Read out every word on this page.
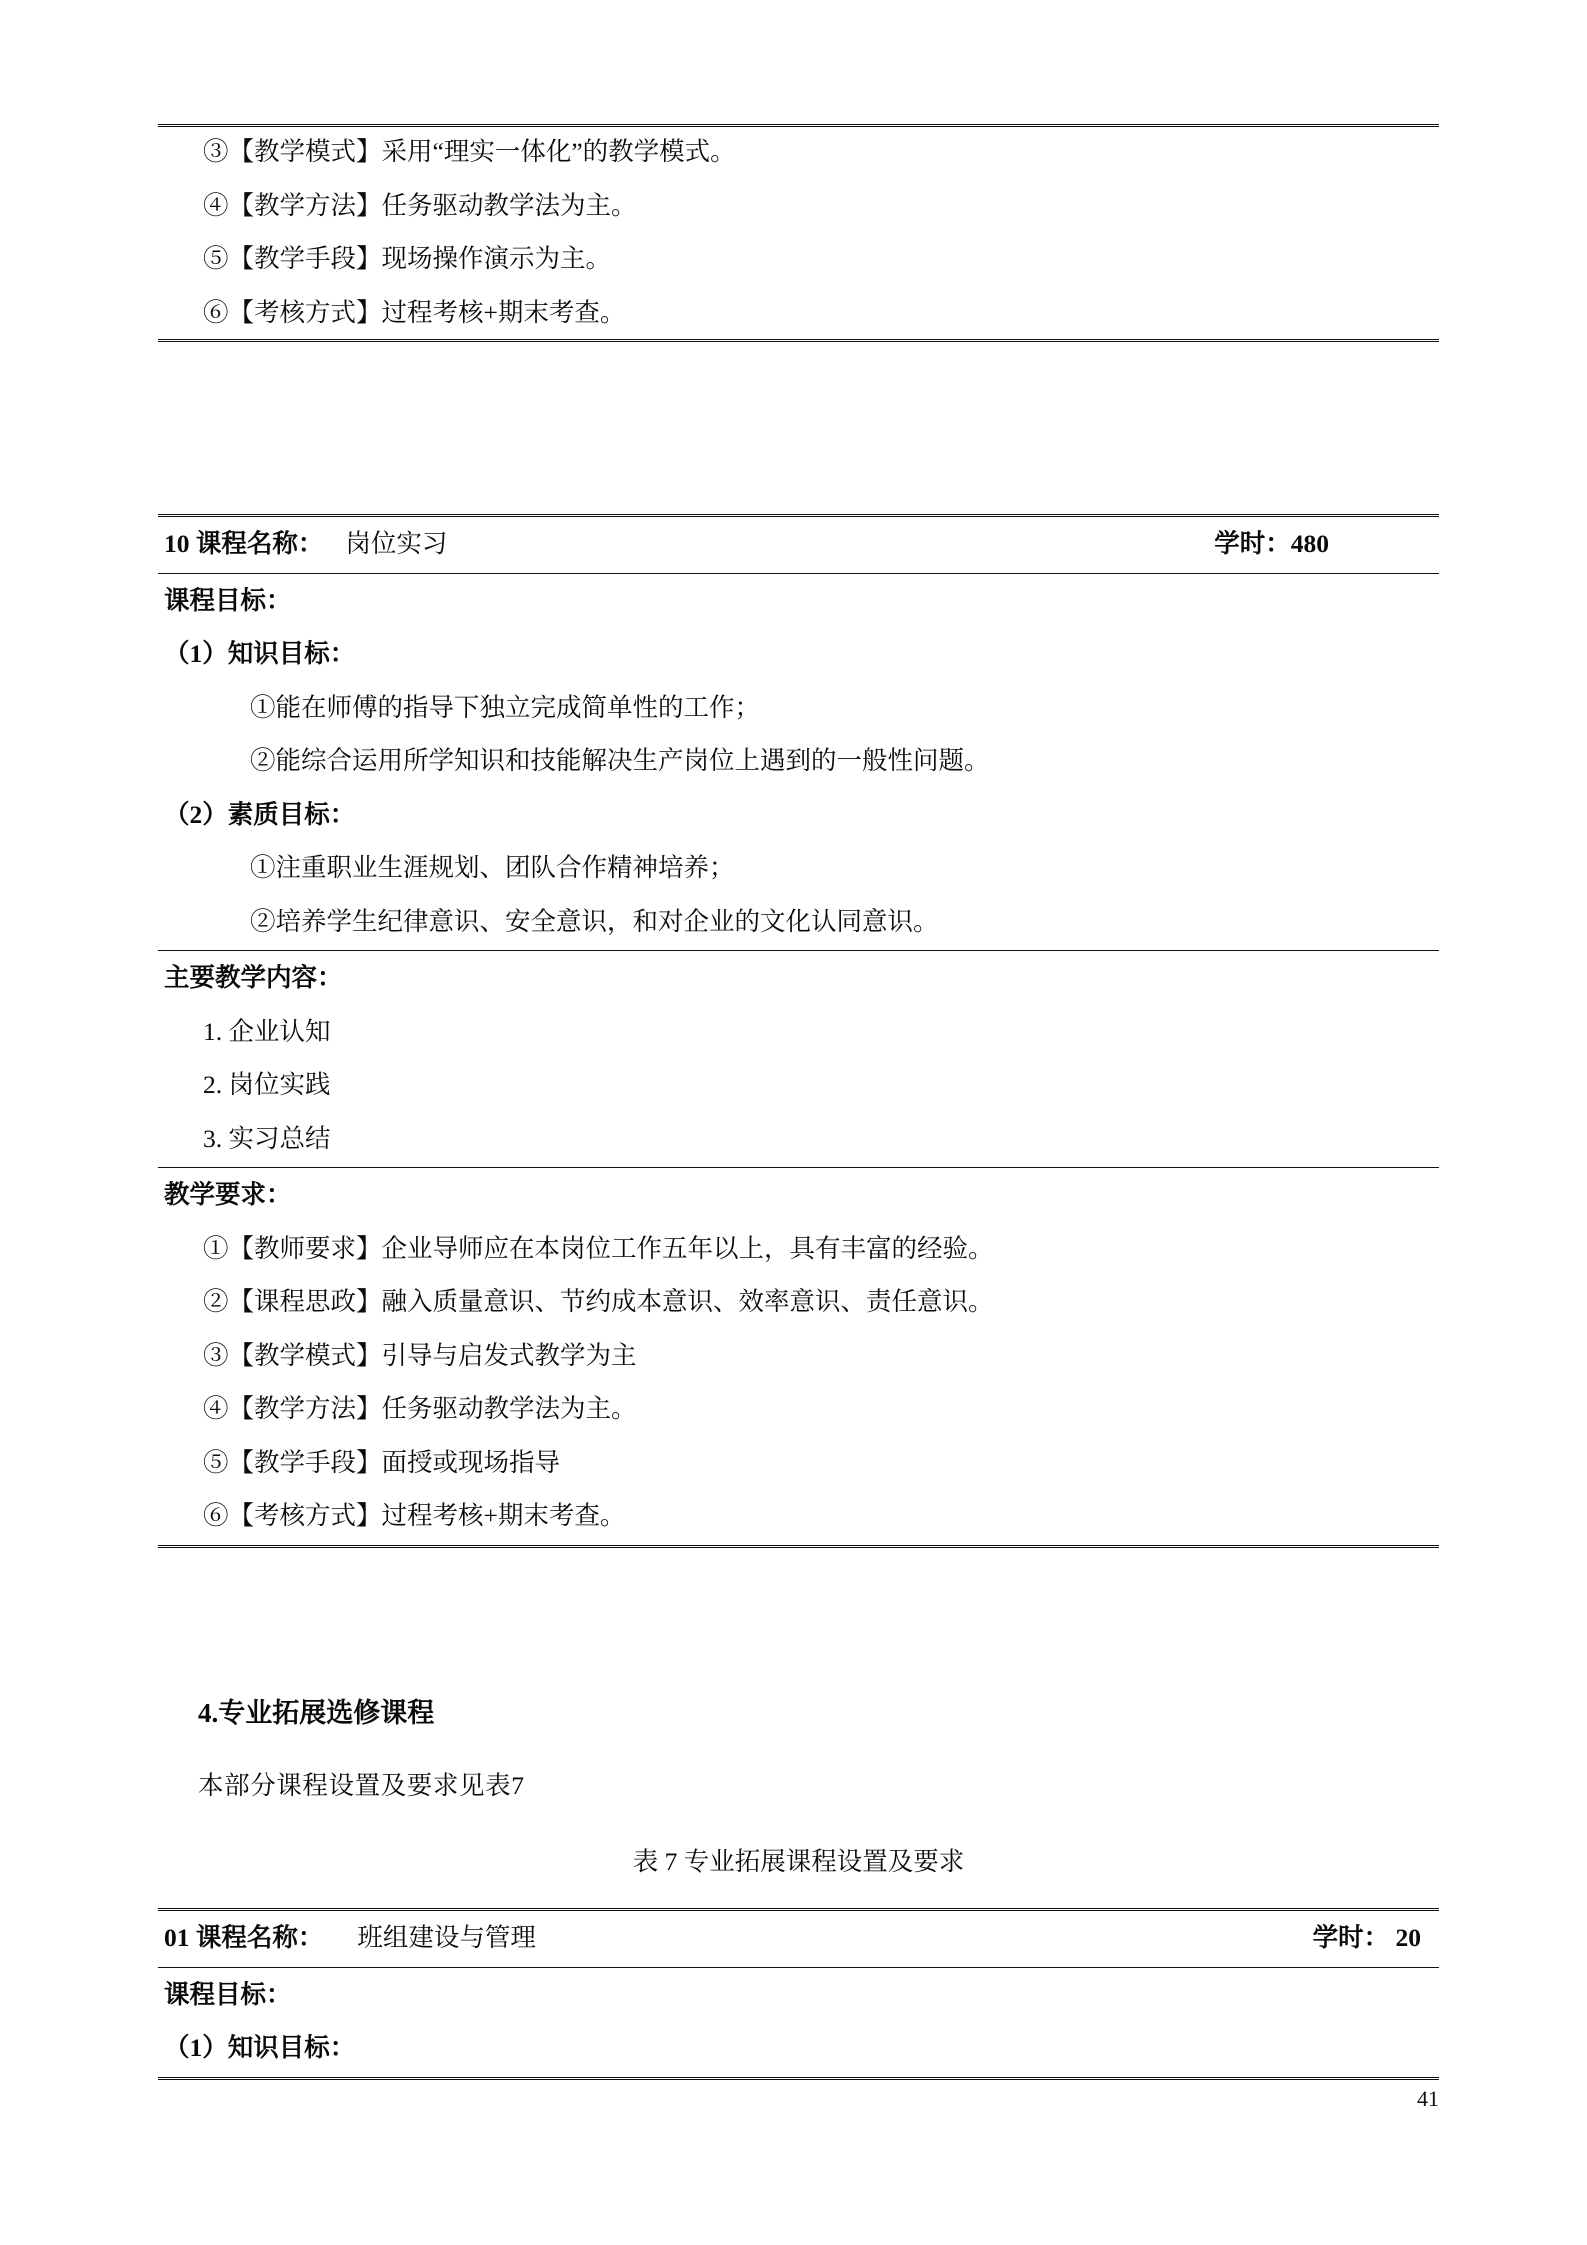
③【教学模式】采用“理实一体化”的教学模式。
④【教学方法】任务驱动教学法为主。
⑤【教学手段】现场操作演示为主。
⑥【考核方式】过程考核+期末考查。

10 课程名称： 岗位实习	学时：480

课程目标：
（1）知识目标：
①能在师傅的指导下独立完成简单性的工作；
②能综合运用所学知识和技能解决生产岗位上遇到的一般性问题。
（2）素质目标：
①注重职业生涯规划、团队合作精神培养；
②培养学生纪律意识、安全意识，和对企业的文化认同意识。

主要教学内容：
1. 企业认知
2. 岗位实践
3. 实习总结

教学要求：
①【教师要求】企业导师应在本岗位工作五年以上，具有丰富的经验。
②【课程思政】融入质量意识、节约成本意识、效率意识、责任意识。
③【教学模式】引导与启发式教学为主
④【教学方法】任务驱动教学法为主。
⑤【教学手段】面授或现场指导
⑥【考核方式】过程考核+期末考查。

4.专业拓展选修课程
本部分课程设置及要求见表7
表 7 专业拓展课程设置及要求

01 课程名称：	班组建设与管理	学时： 20

课程目标：
（1）知识目标：

41
